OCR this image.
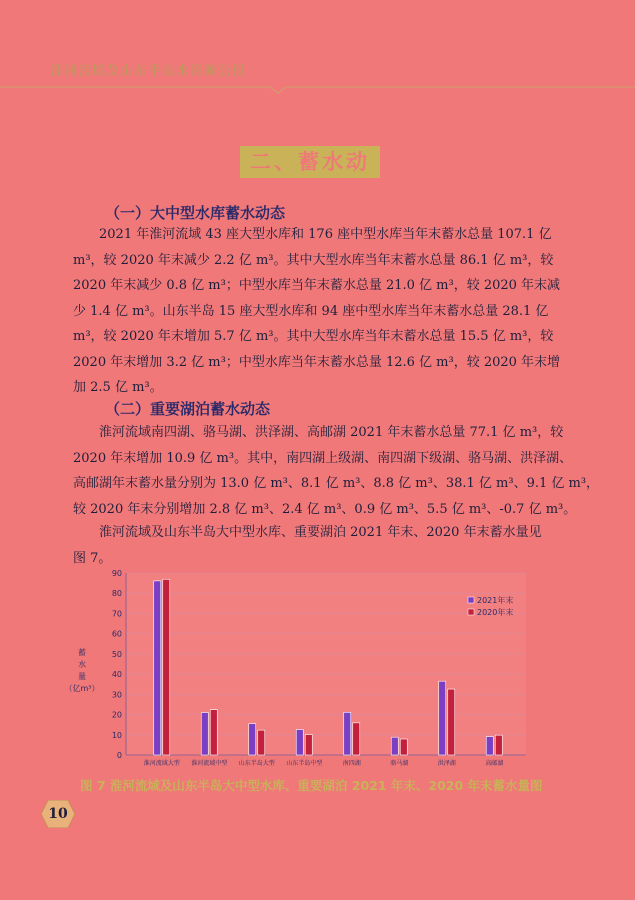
淮河流域及山东半岛水资源公报
二、蓄水动态
（一）大中型水库蓄水动态
2021 年淮河流域 43 座大型水库和 176 座中型水库当年末蓄水总量 107.1 亿
m³，较 2020 年末减少 2.2 亿 m³。其中大型水库当年末蓄水总量 86.1 亿 m³，较
2020 年末减少 0.8 亿 m³；中型水库当年末蓄水总量 21.0 亿 m³，较 2020 年末减
少 1.4 亿 m³。山东半岛 15 座大型水库和 94 座中型水库当年末蓄水总量 28.1 亿
m³，较 2020 年末增加 5.7 亿 m³。其中大型水库当年末蓄水总量 15.5 亿 m³，较
2020 年末增加 3.2 亿 m³；中型水库当年末蓄水总量 12.6 亿 m³，较 2020 年末增
加 2.5 亿 m³。
（二）重要湖泊蓄水动态
淮河流域南四湖、骆马湖、洪泽湖、高邮湖 2021 年末蓄水总量 77.1 亿 m³，较
2020 年末增加 10.9 亿 m³。其中，南四湖上级湖、南四湖下级湖、骆马湖、洪泽湖、
高邮湖年末蓄水量分别为 13.0 亿 m³、8.1 亿 m³、8.8 亿 m³、38.1 亿 m³、9.1 亿 m³，
较 2020 年末分别增加 2.8 亿 m³、2.4 亿 m³、0.9 亿 m³、5.5 亿 m³、-0.7 亿 m³。
淮河流域及山东半岛大中型水库、重要湖泊 2021 年末、2020 年末蓄水量见
图 7。
0
10
20
30
40
50
60
70
80
90
蓄
水
量
（亿m³）
淮河流域大型 淮河流域中型 山东半岛大型 山东半岛中型	南四湖	骆马湖	洪泽湖	高邮湖
2021年末
2020年末
图 7 淮河流域及山东半岛大中型水库、重要湖泊 2021 年末、2020 年末蓄水量图
10
